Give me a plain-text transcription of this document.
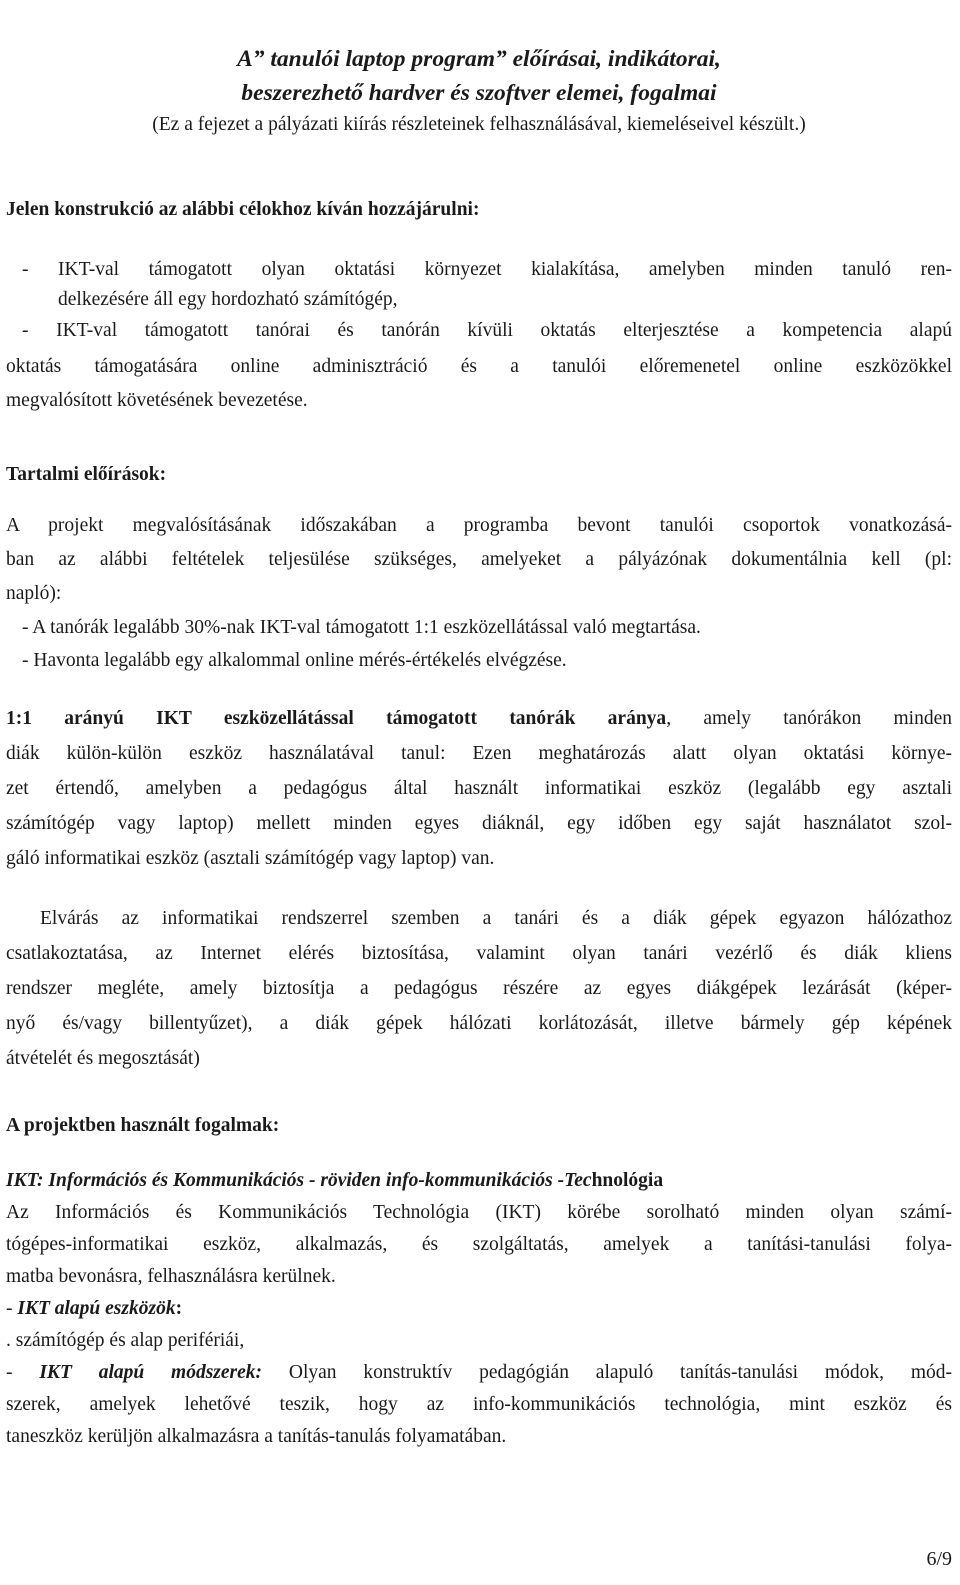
A” tanulói laptop program” előírásai, indikátorai,
beszerezhető hardver és szoftver elemei, fogalmai
(Ez a fejezet a pályázati kiírás részleteinek felhasználásával, kiemeléseivel készült.)
Jelen konstrukció az alábbi célokhoz kíván hozzájárulni:
- IKT-val támogatott olyan oktatási környezet kialakítása, amelyben minden tanuló ren-
delkezésére áll egy hordozható számítógép,
- IKT-val támogatott tanórai és tanórán kívüli oktatás elterjesztése a kompetencia alapú
oktatás támogatására online adminisztráció és a tanulói előremenetel online eszközökkel
megvalósított követésének bevezetése.
Tartalmi előírások:
A projekt megvalósításának időszakában a programba bevont tanulói csoportok vonatkozásá-
ban az alábbi feltételek teljesülése szükséges, amelyeket a pályázónak dokumentálnia kell (pl:
napló):
- A tanórák legalább 30%-nak IKT-val támogatott 1:1 eszközellátással való megtartása.
- Havonta legalább egy alkalommal online mérés-értékelés elvégzése.
1:1 arányú IKT eszközellátással támogatott tanórák aránya, amely tanórákon minden
diák külön-külön eszköz használatával tanul: Ezen meghatározás alatt olyan oktatási környe-
zet értendő, amelyben a pedagógus által használt informatikai eszköz (legalább egy asztali
számítógép vagy laptop) mellett minden egyes diáknál, egy időben egy saját használatot szol-
gáló informatikai eszköz (asztali számítógép vagy laptop) van.
Elvárás az informatikai rendszerrel szemben a tanári és a diák gépek egyazon hálózathoz
csatlakoztatása, az Internet elérés biztosítása, valamint olyan tanári vezérlő és diák kliens
rendszer megléte, amely biztosítja a pedagógus részére az egyes diákgépek lezárását (képer-
nyő és/vagy billentyűzet), a diák gépek hálózati korlátozását, illetve bármely gép képének
átvételét és megosztását)
A projektben használt fogalmak:
IKT: Információs és Kommunikációs - röviden info-kommunikációs -Technológia
Az Információs és Kommunikációs Technológia (IKT) körébe sorolható minden olyan számí-
tógépes-informatikai eszköz, alkalmazás, és szolgáltatás, amelyek a tanítási-tanulási folya-
matba bevonásra, felhasználásra kerülnek.
- IKT alapú eszközök:
. számítógép és alap perifériái,
- IKT alapú módszerek: Olyan konstruktív pedagógián alapuló tanítás-tanulási módok, mód-
szerek, amelyek lehetővé teszik, hogy az info-kommunikációs technológia, mint eszköz és
taneszköz kerüljön alkalmazásra a tanítás-tanulás folyamatában.
6/9
